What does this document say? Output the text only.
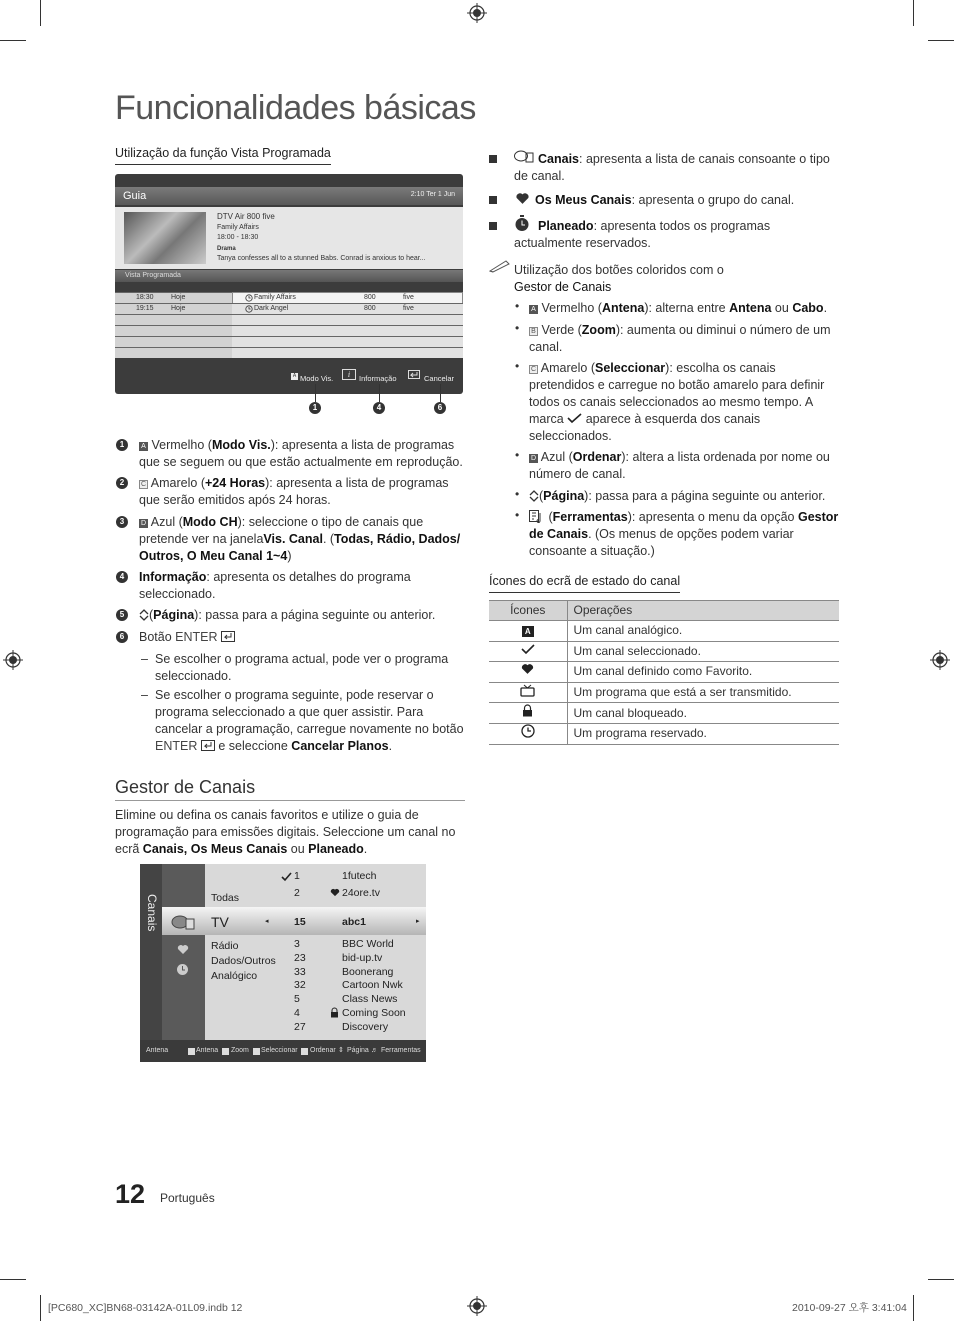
Funcionalidades básicas
Utilização da função Vista Programada
Guia	2:10 Ter 1 Jun
DTV Air 800 five
Family Affairs
18:00 - 18:30
Drama
Tanya confesses all to a stunned Babs. Conrad is anxious to hear...
Vista Programada
18:30 Hoje	Family Affairs	800	five
19:15 Hoje	Dark Angel	800	five
A Modo Vis.	i	Informação	Cancelar
1	4	6
1	A Vermelho (Modo Vis.): apresenta a lista de programas que se seguem ou que estão actualmente em reprodução.
2	C Amarelo (+24 Horas): apresenta a lista de programas que serão emitidos após 24 horas.
3	D Azul (Modo CH): seleccione o tipo de canais que pretende ver na janelaVis. Canal. (Todas, Rádio, Dados/ Outros, O Meu Canal 1~4)
4	Informação: apresenta os detalhes do programa seleccionado.
5	(Página): passa para a página seguinte ou anterior.
6	Botão ENTER
– Se escolher o programa actual, pode ver o programa seleccionado.
– Se escolher o programa seguinte, pode reservar o programa seleccionado a que quer assistir. Para cancelar a programação, carregue novamente no botão ENTER  e seleccione Cancelar Planos.
Gestor de Canais
Elimine ou defina os canais favoritos e utilize o guia de programação para emissões digitais. Seleccione um canal no ecrã Canais, Os Meus Canais ou Planeado.
Canais	Todas
TV	◂
Rádio
Dados/Outros
Analógico
1	1futech
2	24ore.tv
15	abc1	▸
3	BBC World
23	bid-up.tv
33	Boonerang
32	Cartoon Nwk
5	Class News
4	Coming Soon
27	Discovery
Antena	Antena Zoom Seleccionar Ordenar ⇕ Página ♬ Ferramentas
Canais: apresenta a lista de canais consoante o tipo de canal.
Os Meus Canais: apresenta o grupo do canal.
Planeado: apresenta todos os programas actualmente reservados.
Utilização dos botões coloridos com o
Gestor de Canais
•	A Vermelho (Antena): alterna entre Antena ou Cabo.
•	B Verde (Zoom): aumenta ou diminui o número de um canal.
• C Amarelo (Seleccionar): escolha os canais pretendidos e carregue no botão amarelo para definir todos os canais seleccionados ao mesmo tempo. A marca aparece à esquerda dos canais seleccionados.
• D Azul (Ordenar): altera a lista ordenada por nome ou número de canal.
•	(Página): passa para a página seguinte ou anterior.
•	(Ferramentas): apresenta o menu da opção Gestor de Canais. (Os menus de opções podem variar consoante a situação.)
Ícones do ecrã de estado do canal
Ícones	Operações
A	Um canal analógico.
	Um canal seleccionado.
	Um canal definido como Favorito.
	Um programa que está a ser transmitido.
	Um canal bloqueado.
	Um programa reservado.
12 Português
[PC680_XC]BN68-03142A-01L09.indb 12	2010-09-27 오후 3:41:04
